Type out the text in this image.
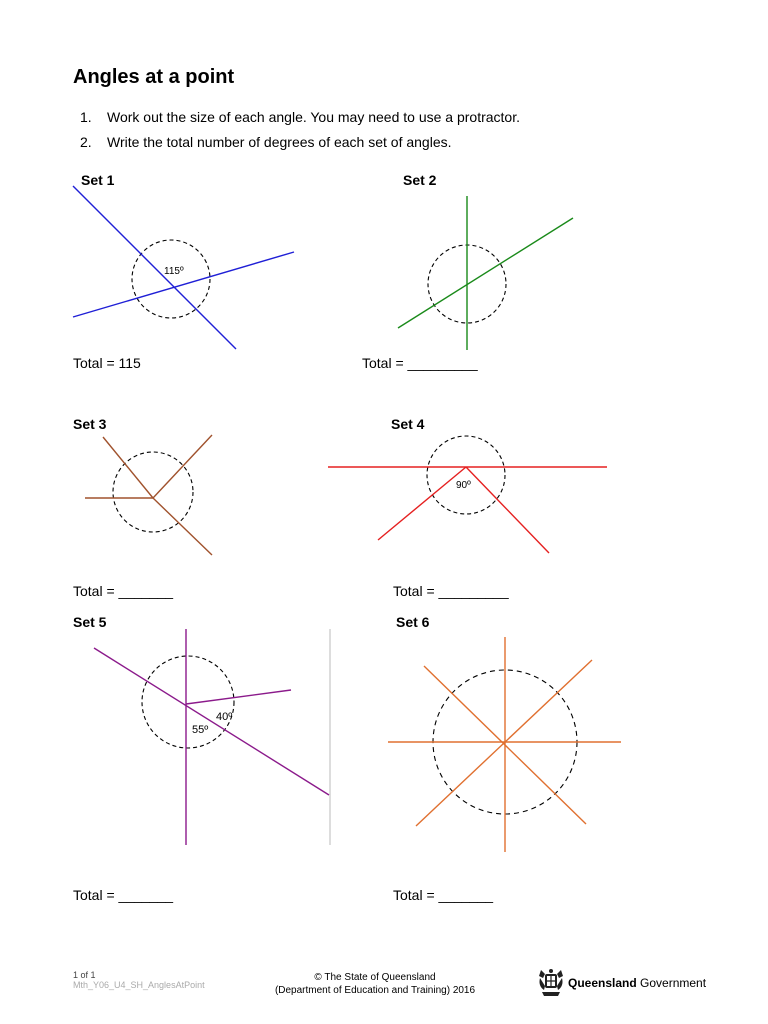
Angles at a point
1. Work out the size of each angle. You may need to use a protractor.
2. Write the total number of degrees of each set of angles.
Set 1	Set 2
Set 3	Set 4
Set 5	Set 6
Total = 115	Total = _________
Total = _______	Total = _________
Total = _______	Total = _______
115º
90º
40º
55º
1 of 1
Mth_Y06_U4_SH_AnglesAtPoint
© The State of Queensland
(Department of Education and Training) 2016
Queensland Government
